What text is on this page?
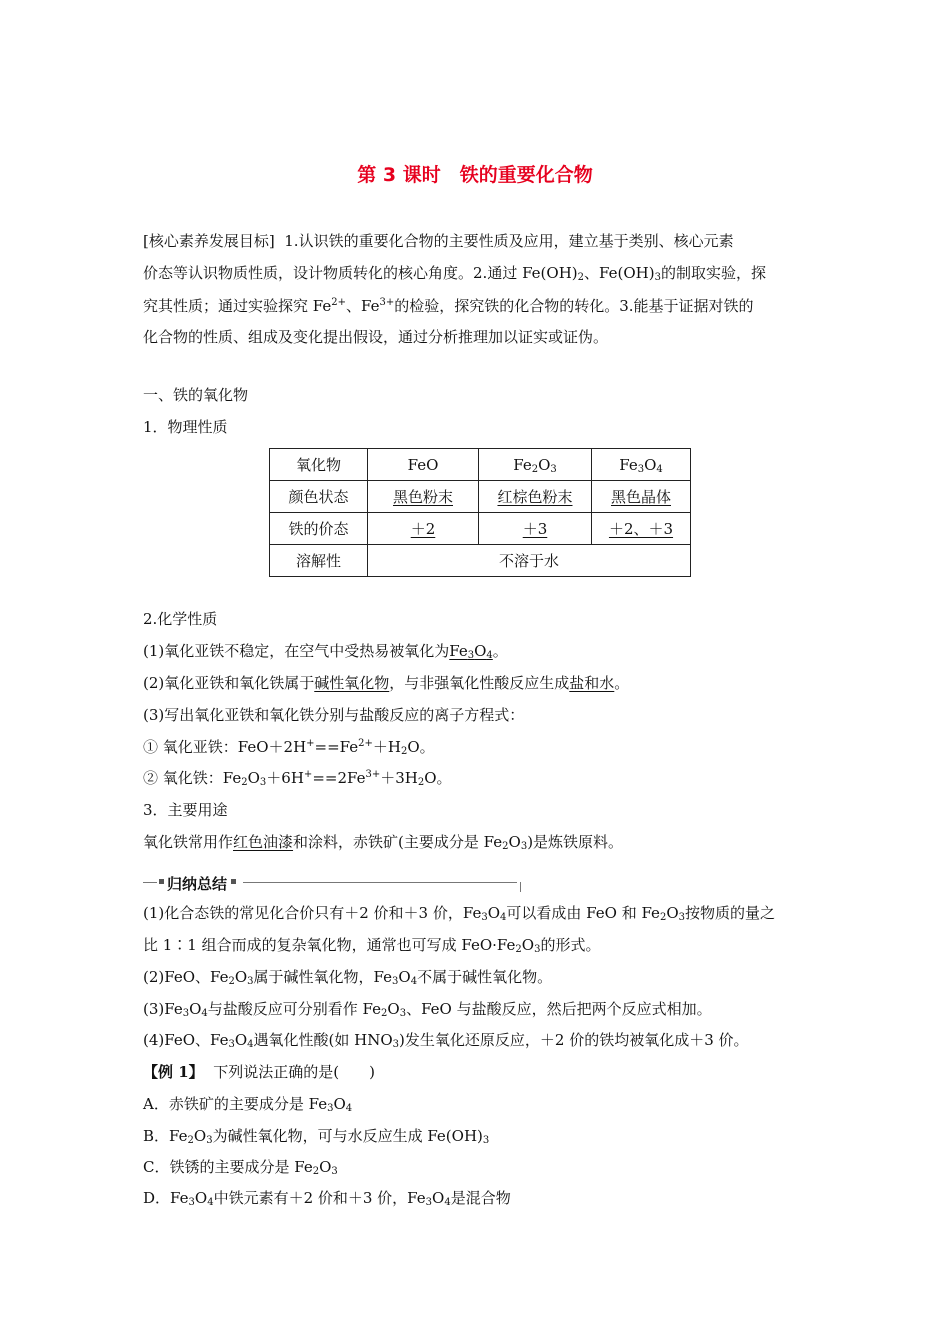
第 3 课时　铁的重要化合物
[核心素养发展目标] 1.认识铁的重要化合物的主要性质及应用，建立基于类别、核心元素
价态等认识物质性质，设计物质转化的核心角度。2.通过 $Fe(OH)_2$、$Fe(OH)_3$的制取实验，探
究其性质；通过实验探究 $Fe^{2+}$、$Fe^{3+}$的检验，探究铁的化合物的转化。3.能基于证据对铁的
化合物的性质、组成及变化提出假设，通过分析推理加以证实或证伪。
一、铁的氧化物
1．物理性质
氧化物	FeO	$Fe_2O_3$	$Fe_3O_4$
颜色状态	黑色粉末	红棕色粉末	黑色晶体
铁的价态	＋2	＋3	＋2、＋3
溶解性	不溶于水		
2.化学性质
(1)氧化亚铁不稳定，在空气中受热易被氧化为$Fe_3O_4$。
(2)氧化亚铁和氧化铁属于碱性氧化物，与非强氧化性酸反应生成盐和水。
(3)写出氧化亚铁和氧化铁分别与盐酸反应的离子方程式：
① 氧化亚铁：$FeO+2H^+==Fe^{2+}+H_2O$。
② 氧化铁：$Fe_2O_3+6H^+==2Fe^{3+}+3H_2O$。
3．主要用途
氧化铁常用作红色油漆和涂料，赤铁矿(主要成分是 $Fe_2O_3$)是炼铁原料。
归纳总结
(1)化合态铁的常见化合价只有＋2 价和＋3 价，$Fe_3O_4$可以看成由 FeO 和 $Fe_2O_3$按物质的量之
比 1∶1 组合而成的复杂氧化物，通常也可写成 $FeO\cdot Fe_2O_3$的形式。
(2)FeO、$Fe_2O_3$属于碱性氧化物，$Fe_3O_4$不属于碱性氧化物。
$(3)Fe_3O_4$与盐酸反应可分别看作 $Fe_2O_3$、FeO 与盐酸反应，然后把两个反应式相加。
(4)FeO、$Fe_3O_4$遇氧化性酸(如 $HNO_3$)发生氧化还原反应，＋2 价的铁均被氧化成＋3 价。
【例 1】 下列说法正确的是(　　)
A．赤铁矿的主要成分是 $Fe_3O_4$
B．$Fe_2O_3$为碱性氧化物，可与水反应生成 $Fe(OH)_3$
C．铁锈的主要成分是 $Fe_2O_3$
D．$Fe_3O_4$中铁元素有＋2 价和＋3 价，$Fe_3O_4$是混合物
